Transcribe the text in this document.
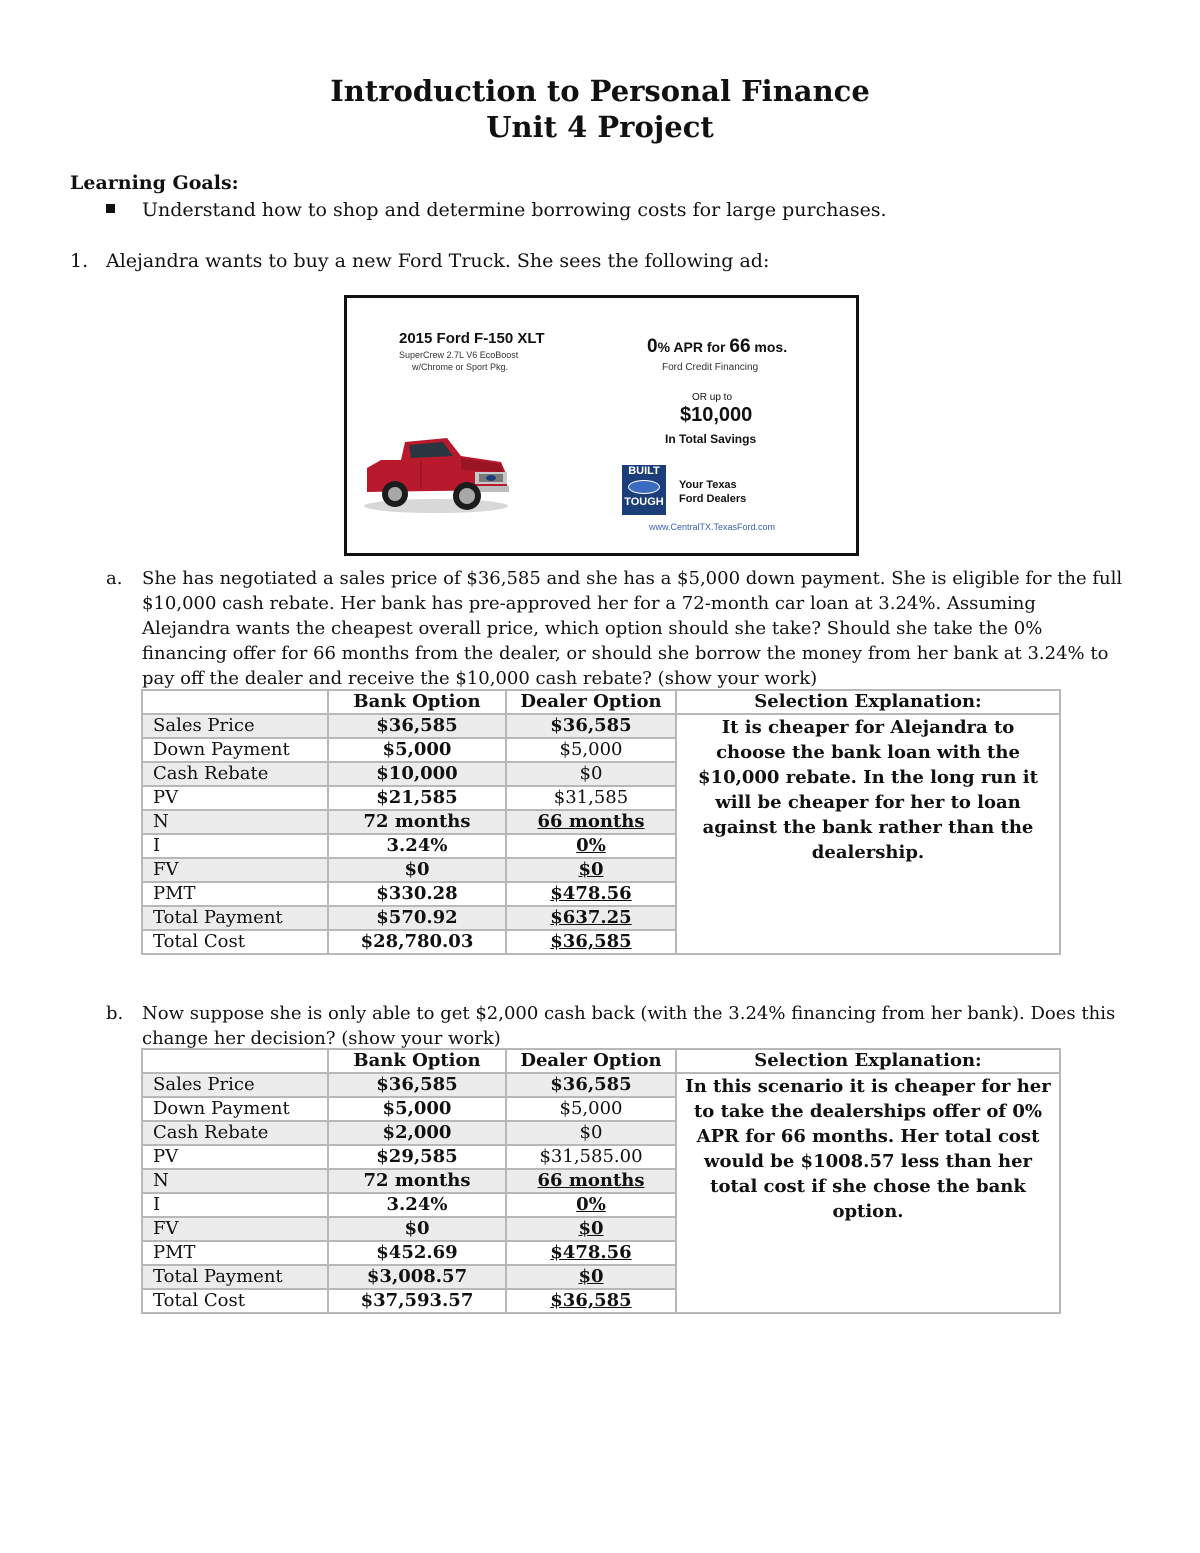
Introduction to Personal Finance
Unit 4 Project
Learning Goals:
Understand how to shop and determine borrowing costs for large purchases.
1. Alejandra wants to buy a new Ford Truck. She sees the following ad:
2015 Ford F-150 XLT
SuperCrew 2.7L V6 EcoBoost
w/Chrome or Sport Pkg.
0% APR for 66 mos.
Ford Credit Financing
OR up to
$10,000
In Total Savings
BUILT
TOUGH
Your Texas
Ford Dealers
www.CentralTX.TexasFord.com
a. She has negotiated a sales price of $36,585 and she has a $5,000 down payment. She is eligible for the full $10,000 cash rebate. Her bank has pre-approved her for a 72-month car loan at 3.24%. Assuming Alejandra wants the cheapest overall price, which option should she take? Should she take the 0% financing offer for 66 months from the dealer, or should she borrow the money from her bank at 3.24% to pay off the dealer and receive the $10,000 cash rebate? (show your work)
	Bank Option	Dealer Option	Selection Explanation:

Sales Price	$36,585	$36,585	It is cheaper for Alejandra to choose the bank loan with the $10,000 rebate. In the long run it will be cheaper for her to loan against the bank rather than the dealership.

Down Payment	$5,000	$5,000	
Cash Rebate	$10,000	$0	
PV	$21,585	$31,585	
N	72 months	66 months	
I	3.24%	0%	
FV	$0	$0	
PMT	$330.28	$478.56	
Total Payment	$570.92	$637.25	
Total Cost	$28,780.03	$36,585	
b. Now suppose she is only able to get $2,000 cash back (with the 3.24% financing from her bank). Does this change her decision? (show your work)
	Bank Option	Dealer Option	Selection Explanation:

Sales Price	$36,585	$36,585	In this scenario it is cheaper for her to take the dealerships offer of 0% APR for 66 months. Her total cost would be $1008.57 less than her total cost if she chose the bank option.

Down Payment	$5,000	$5,000	
Cash Rebate	$2,000	$0	
PV	$29,585	$31,585.00	
N	72 months	66 months	
I	3.24%	0%	
FV	$0	$0	
PMT	$452.69	$478.56	
Total Payment	$3,008.57	$0	
Total Cost	$37,593.57	$36,585	
